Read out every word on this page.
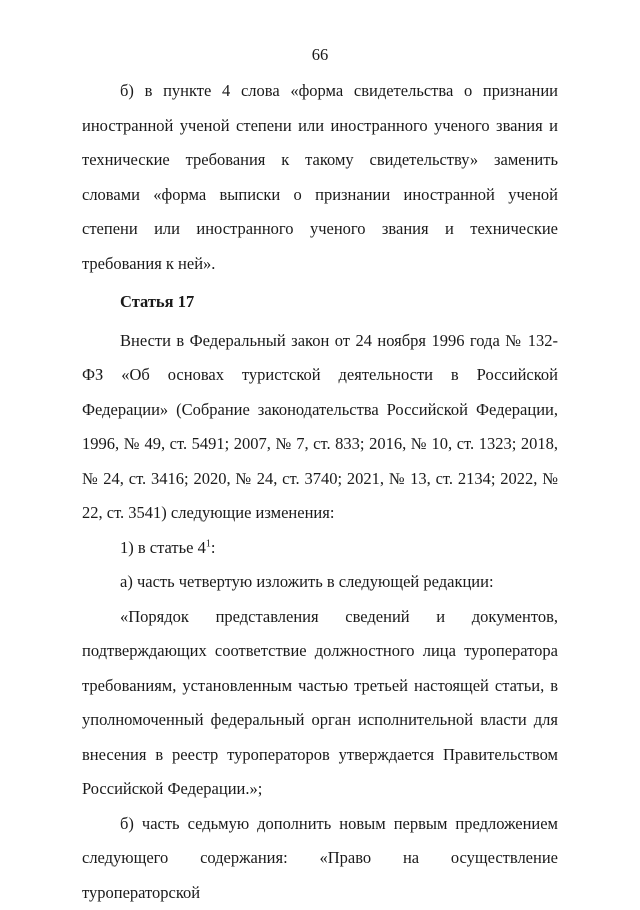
66

б) в пункте 4 слова «форма свидетельства о признании иностранной ученой степени или иностранного ученого звания и технические требования к такому свидетельству» заменить словами «форма выписки о признании иностранной ученой степени или иностранного ученого звания и технические требования к ней».

Статья 17

Внести в Федеральный закон от 24 ноября 1996 года № 132-ФЗ «Об основах туристской деятельности в Российской Федерации» (Собрание законодательства Российской Федерации, 1996, № 49, ст. 5491; 2007, № 7, ст. 833; 2016, № 10, ст. 1323; 2018, № 24, ст. 3416; 2020, № 24, ст. 3740; 2021, № 13, ст. 2134; 2022, № 22, ст. 3541) следующие изменения:

1) в статье $4^1$:

а) часть четвертую изложить в следующей редакции:

«Порядок представления сведений и документов, подтверждающих соответствие должностного лица туроператора требованиям, установленным частью третьей настоящей статьи, в уполномоченный федеральный орган исполнительной власти для внесения в реестр туроператоров утверждается Правительством Российской Федерации.»;

б) часть седьмую дополнить новым первым предложением следующего содержания: «Право на осуществление туроператорской
